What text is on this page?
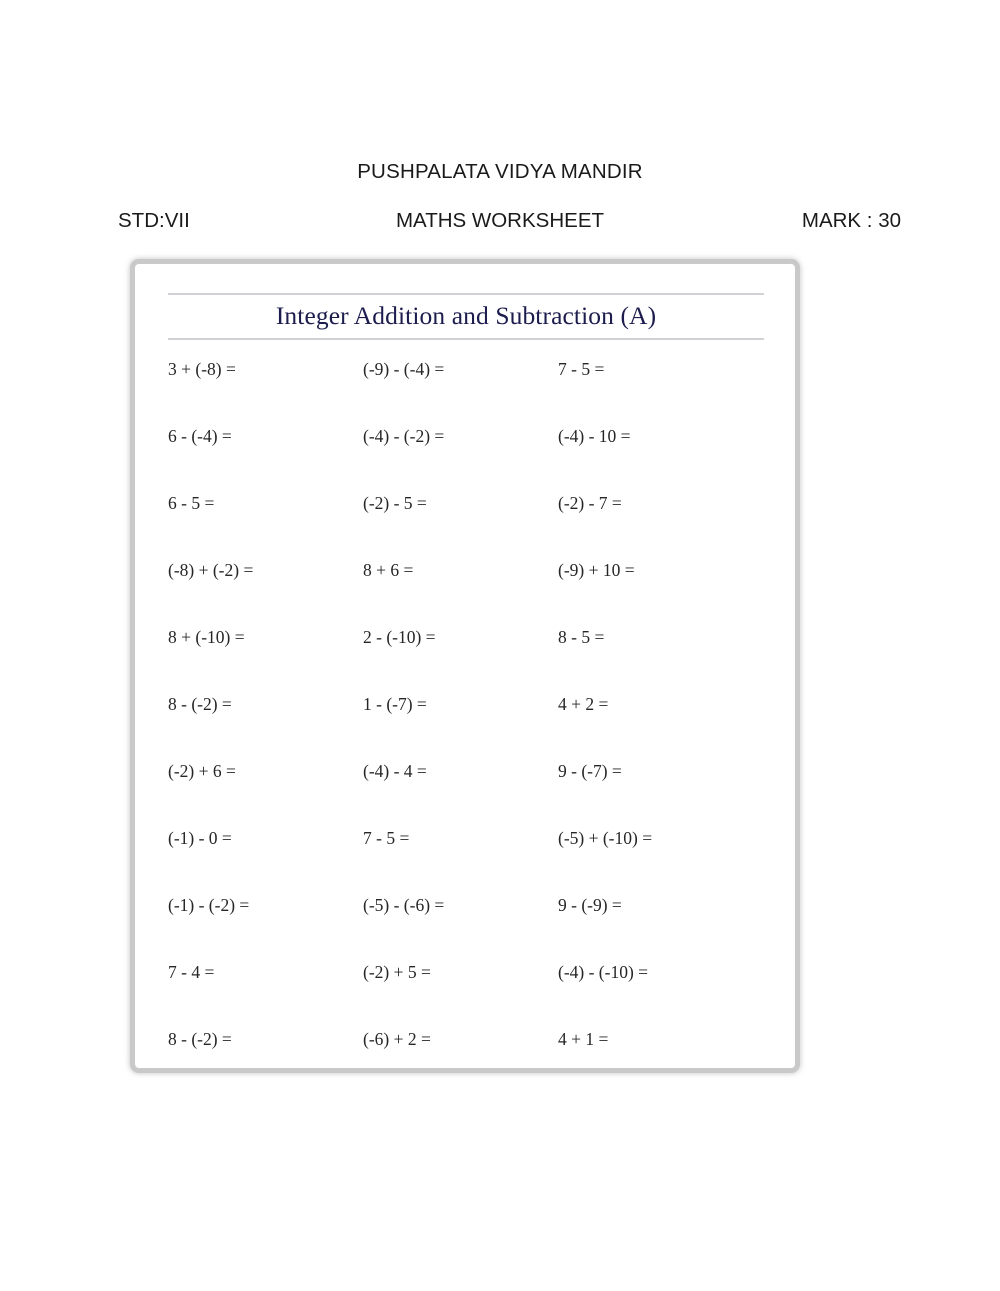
PUSHPALATA VIDYA MANDIR
STD:VII	MATHS WORKSHEET	MARK : 30
Integer Addition and Subtraction (A)
3 + (-8) =	(-9) - (-4) =	7 - 5 =
6 - (-4) =	(-4) - (-2) =	(-4) - 10 =
6 - 5 =	(-2) - 5 =	(-2) - 7 =
(-8) + (-2) =	8 + 6 =	(-9) + 10 =
8 + (-10) =	2 - (-10) =	8 - 5 =
8 - (-2) =	1 - (-7) =	4 + 2 =
(-2) + 6 =	(-4) - 4 =	9 - (-7) =
(-1) - 0 =	7 - 5 =	(-5) + (-10) =
(-1) - (-2) =	(-5) - (-6) =	9 - (-9) =
7 - 4 =	(-2) + 5 =	(-4) - (-10) =
8 - (-2) =	(-6) + 2 =	4 + 1 =
